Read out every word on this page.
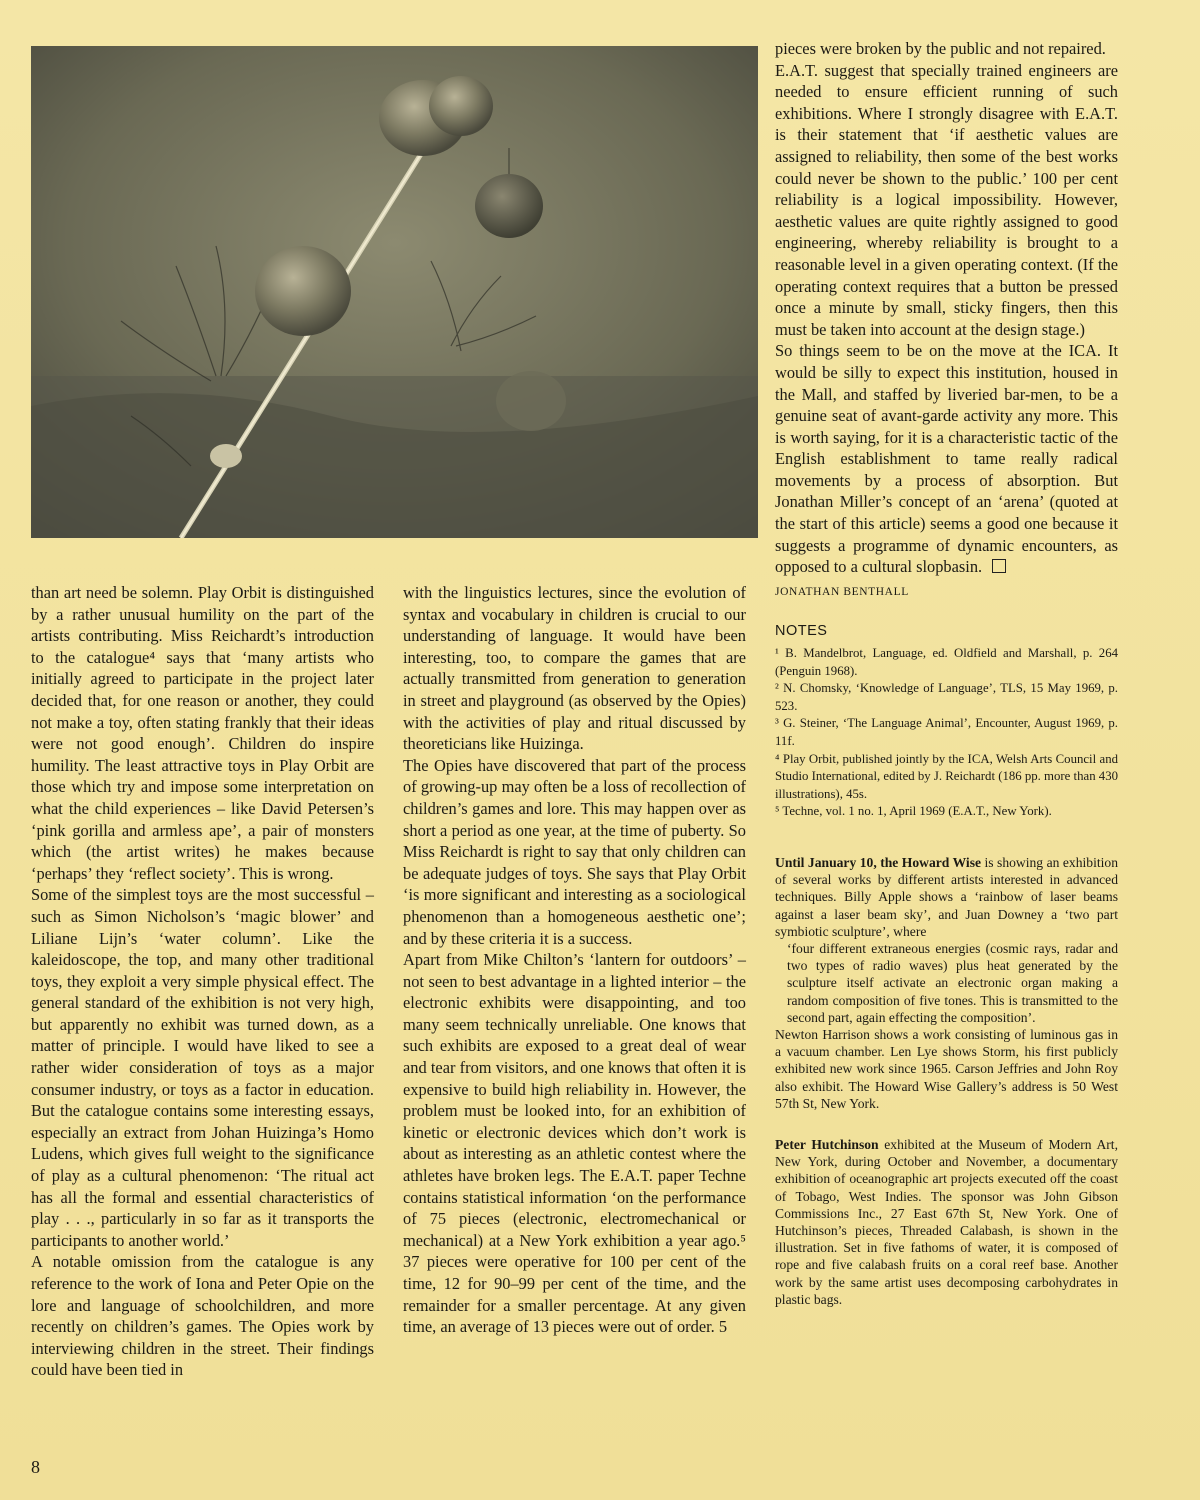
than art need be solemn. Play Orbit is distinguished by a rather unusual humility on the part of the artists contributing. Miss Reichardt’s introduction to the catalogue⁴ says that ‘many artists who initially agreed to participate in the project later decided that, for one reason or another, they could not make a toy, often stating frankly that their ideas were not good enough’. Children do inspire humility. The least attractive toys in Play Orbit are those which try and impose some interpretation on what the child experiences – like David Petersen’s ‘pink gorilla and armless ape’, a pair of monsters which (the artist writes) he makes because ‘perhaps’ they ‘reflect society’. This is wrong.

Some of the simplest toys are the most successful – such as Simon Nicholson’s ‘magic blower’ and Liliane Lijn’s ‘water column’. Like the kaleidoscope, the top, and many other traditional toys, they exploit a very simple physical effect. The general standard of the exhibition is not very high, but apparently no exhibit was turned down, as a matter of principle. I would have liked to see a rather wider consideration of toys as a major consumer industry, or toys as a factor in education. But the catalogue contains some interesting essays, especially an extract from Johan Huizinga’s Homo Ludens, which gives full weight to the significance of play as a cultural phenomenon: ‘The ritual act has all the formal and essential characteristics of play . . ., particularly in so far as it transports the participants to another world.’

A notable omission from the catalogue is any reference to the work of Iona and Peter Opie on the lore and language of schoolchildren, and more recently on children’s games. The Opies work by interviewing children in the street. Their findings could have been tied in

with the linguistics lectures, since the evolution of syntax and vocabulary in children is crucial to our understanding of language. It would have been interesting, too, to compare the games that are actually transmitted from generation to generation in street and playground (as observed by the Opies) with the activities of play and ritual discussed by theoreticians like Huizinga.

The Opies have discovered that part of the process of growing-up may often be a loss of recollection of children’s games and lore. This may happen over as short a period as one year, at the time of puberty. So Miss Reichardt is right to say that only children can be adequate judges of toys. She says that Play Orbit ‘is more significant and interesting as a sociological phenomenon than a homogeneous aesthetic one’; and by these criteria it is a success.

Apart from Mike Chilton’s ‘lantern for outdoors’ – not seen to best advantage in a lighted interior – the electronic exhibits were disappointing, and too many seem technically unreliable. One knows that such exhibits are exposed to a great deal of wear and tear from visitors, and one knows that often it is expensive to build high reliability in. However, the problem must be looked into, for an exhibition of kinetic or electronic devices which don’t work is about as interesting as an athletic contest where the athletes have broken legs. The E.A.T. paper Techne contains statistical information ‘on the performance of 75 pieces (electronic, electromechanical or mechanical) at a New York exhibition a year ago.⁵ 37 pieces were operative for 100 per cent of the time, 12 for 90–99 per cent of the time, and the remainder for a smaller percentage. At any given time, an average of 13 pieces were out of order. 5

pieces were broken by the public and not repaired.

E.A.T. suggest that specially trained engineers are needed to ensure efficient running of such exhibitions. Where I strongly disagree with E.A.T. is their statement that ‘if aesthetic values are assigned to reliability, then some of the best works could never be shown to the public.’ 100 per cent reliability is a logical impossibility. However, aesthetic values are quite rightly assigned to good engineering, whereby reliability is brought to a reasonable level in a given operating context. (If the operating context requires that a button be pressed once a minute by small, sticky fingers, then this must be taken into account at the design stage.)

So things seem to be on the move at the ICA. It would be silly to expect this institution, housed in the Mall, and staffed by liveried bar-men, to be a genuine seat of avant-garde activity any more. This is worth saying, for it is a characteristic tactic of the English establishment to tame really radical movements by a process of absorption. But Jonathan Miller’s concept of an ‘arena’ (quoted at the start of this article) seems a good one because it suggests a programme of dynamic encounters, as opposed to a cultural slopbasin.

JONATHAN BENTHALL
NOTES
¹ B. Mandelbrot, Language, ed. Oldfield and Marshall, p. 264 (Penguin 1968).
² N. Chomsky, ‘Knowledge of Language’, TLS, 15 May 1969, p. 523.
³ G. Steiner, ‘The Language Animal’, Encounter, August 1969, p. 11f.
⁴ Play Orbit, published jointly by the ICA, Welsh Arts Council and Studio International, edited by J. Reichardt (186 pp. more than 430 illustrations), 45s.
⁵ Techne, vol. 1 no. 1, April 1969 (E.A.T., New York).

Until January 10, the Howard Wise is showing an exhibition of several works by different artists interested in advanced techniques. Billy Apple shows a ‘rainbow of laser beams against a laser beam sky’, and Juan Downey a ‘two part symbiotic sculpture’, where

‘four different extraneous energies (cosmic rays, radar and two types of radio waves) plus heat generated by the sculpture itself activate an electronic organ making a random composition of five tones. This is transmitted to the second part, again effecting the composition’.

Newton Harrison shows a work consisting of luminous gas in a vacuum chamber. Len Lye shows Storm, his first publicly exhibited new work since 1965. Carson Jeffries and John Roy also exhibit. The Howard Wise Gallery’s address is 50 West 57th St, New York.

Peter Hutchinson exhibited at the Museum of Modern Art, New York, during October and November, a documentary exhibition of oceanographic art projects executed off the coast of Tobago, West Indies. The sponsor was John Gibson Commissions Inc., 27 East 67th St, New York. One of Hutchinson’s pieces, Threaded Calabash, is shown in the illustration. Set in five fathoms of water, it is composed of rope and five calabash fruits on a coral reef base. Another work by the same artist uses decomposing carbohydrates in plastic bags.

8
